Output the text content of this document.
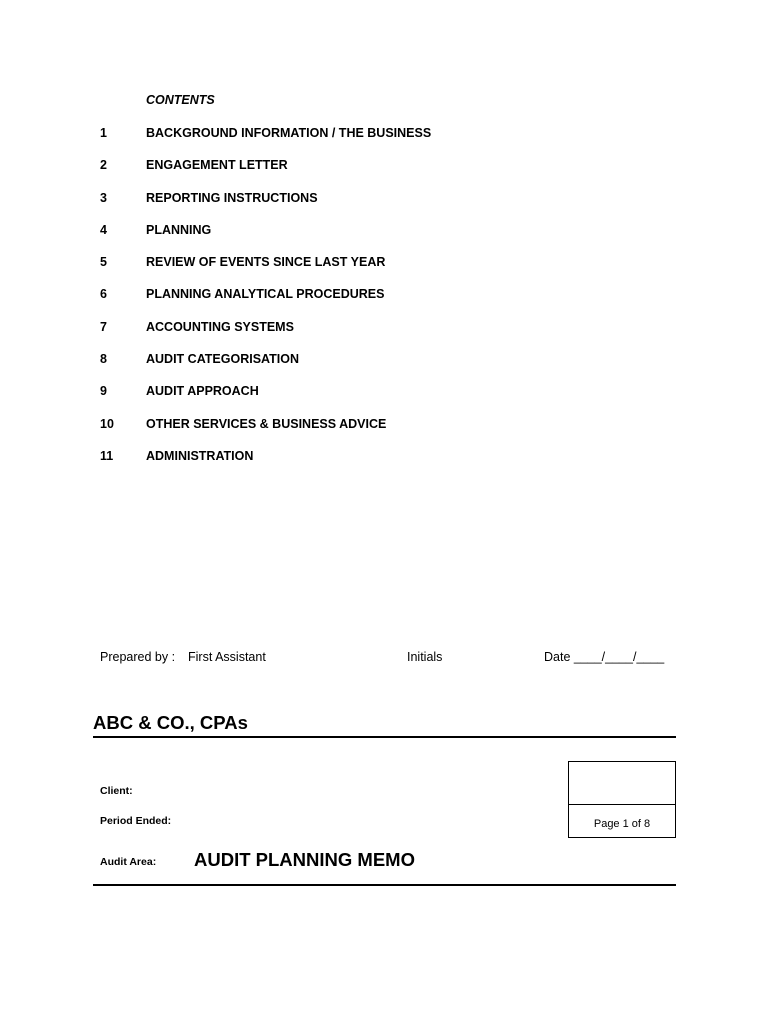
CONTENTS
1	BACKGROUND INFORMATION / THE BUSINESS
2	ENGAGEMENT LETTER
3	REPORTING INSTRUCTIONS
4	PLANNING
5	REVIEW OF EVENTS SINCE LAST YEAR
6	PLANNING ANALYTICAL PROCEDURES
7	ACCOUNTING SYSTEMS
8	AUDIT CATEGORISATION
9	AUDIT APPROACH
10	OTHER SERVICES & BUSINESS ADVICE
11	ADMINISTRATION
Prepared by : First Assistant	Initials	Date ____/____/____
ABC & CO., CPAs
Client:
Period Ended:
Audit Area:
Page 1 of 8
AUDIT PLANNING MEMO
